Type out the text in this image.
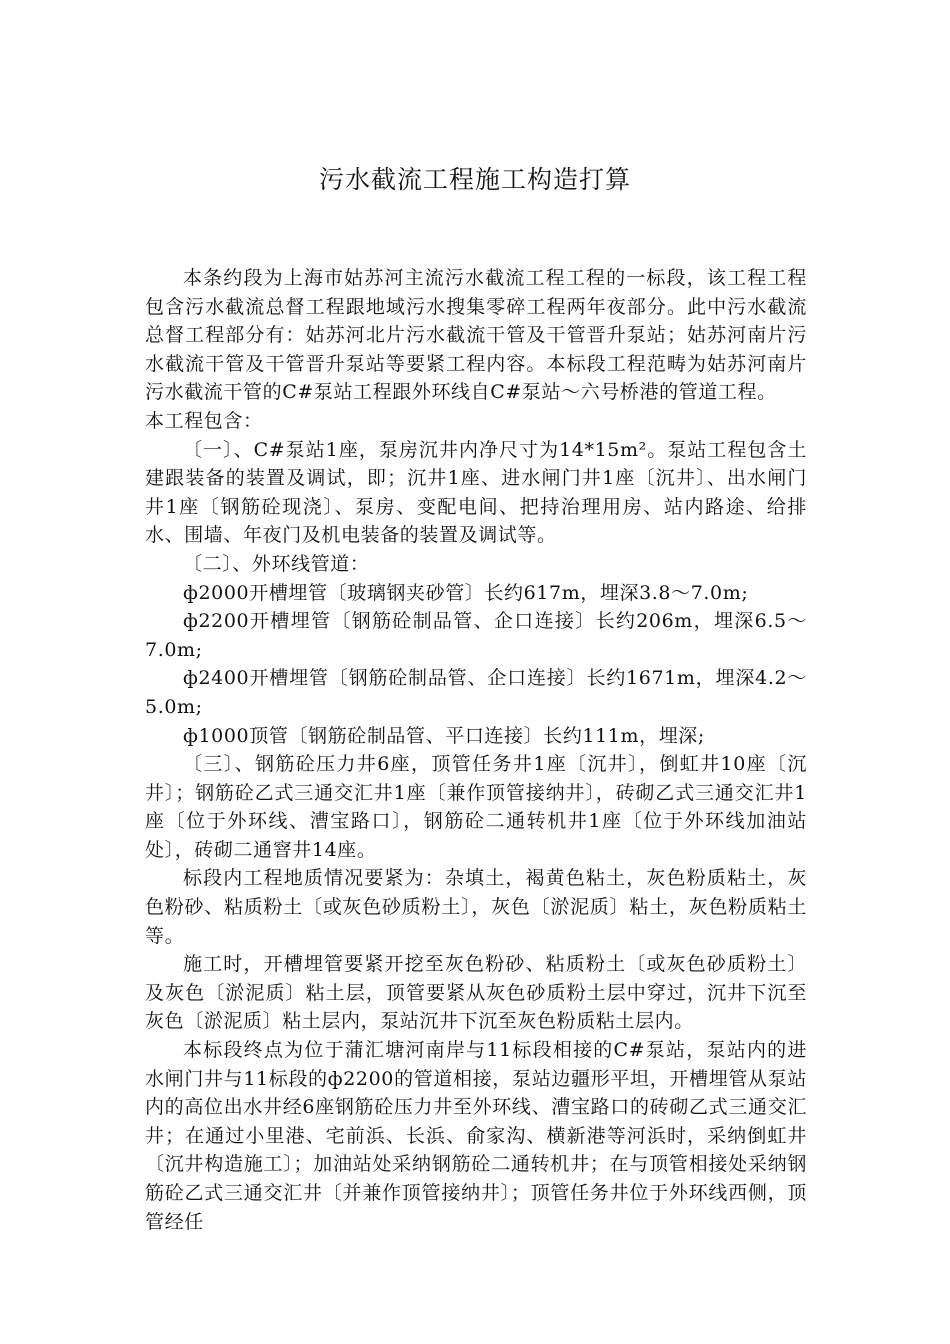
污水截流工程施工构造打算

本条约段为上海市姑苏河主流污水截流工程工程的一标段，该工程工程包含污水截流总督工程跟地域污水搜集零碎工程两年夜部分。此中污水截流总督工程部分有：姑苏河北片污水截流干管及干管晋升泵站；姑苏河南片污水截流干管及干管晋升泵站等要紧工程内容。本标段工程范畴为姑苏河南片污水截流干管的C#泵站工程跟外环线自C#泵站～六号桥港的管道工程。

本工程包含：

〔一〕、C#泵站1座，泵房沉井内净尺寸为14*15m²。泵站工程包含土建跟装备的装置及调试，即；沉井1座、进水闸门井1座〔沉井〕、出水闸门井1座〔钢筋砼现浇〕、泵房、变配电间、把持治理用房、站内路途、给排水、围墙、年夜门及机电装备的装置及调试等。

〔二〕、外环线管道：

ф2000开槽埋管〔玻璃钢夹砂管〕长约617m，埋深3.8～7.0m;

ф2200开槽埋管〔钢筋砼制品管、企口连接〕长约206m，埋深6.5～7.0m;

ф2400开槽埋管〔钢筋砼制品管、企口连接〕长约1671m，埋深4.2～5.0m;

ф1000顶管〔钢筋砼制品管、平口连接〕长约111m，埋深;

〔三〕、钢筋砼压力井6座，顶管任务井1座〔沉井〕，倒虹井10座〔沉井〕；钢筋砼乙式三通交汇井1座〔兼作顶管接纳井〕，砖砌乙式三通交汇井1座〔位于外环线、漕宝路口〕，钢筋砼二通转机井1座〔位于外环线加油站处〕，砖砌二通窨井14座。

标段内工程地质情况要紧为：杂填土，褐黄色粘土，灰色粉质粘土，灰色粉砂、粘质粉土〔或灰色砂质粉土〕，灰色〔淤泥质〕粘土，灰色粉质粘土等。

施工时，开槽埋管要紧开挖至灰色粉砂、粘质粉土〔或灰色砂质粉土〕及灰色〔淤泥质〕粘土层，顶管要紧从灰色砂质粉土层中穿过，沉井下沉至灰色〔淤泥质〕粘土层内，泵站沉井下沉至灰色粉质粘土层内。

本标段终点为位于蒲汇塘河南岸与11标段相接的C#泵站，泵站内的进水闸门井与11标段的ф2200的管道相接，泵站边疆形平坦，开槽埋管从泵站内的高位出水井经6座钢筋砼压力井至外环线、漕宝路口的砖砌乙式三通交汇井；在通过小里港、宅前浜、长浜、俞家沟、横新港等河浜时，采纳倒虹井〔沉井构造施工〕；加油站处采纳钢筋砼二通转机井；在与顶管相接处采纳钢筋砼乙式三通交汇井〔并兼作顶管接纳井〕；顶管任务井位于外环线西侧，顶管经任
